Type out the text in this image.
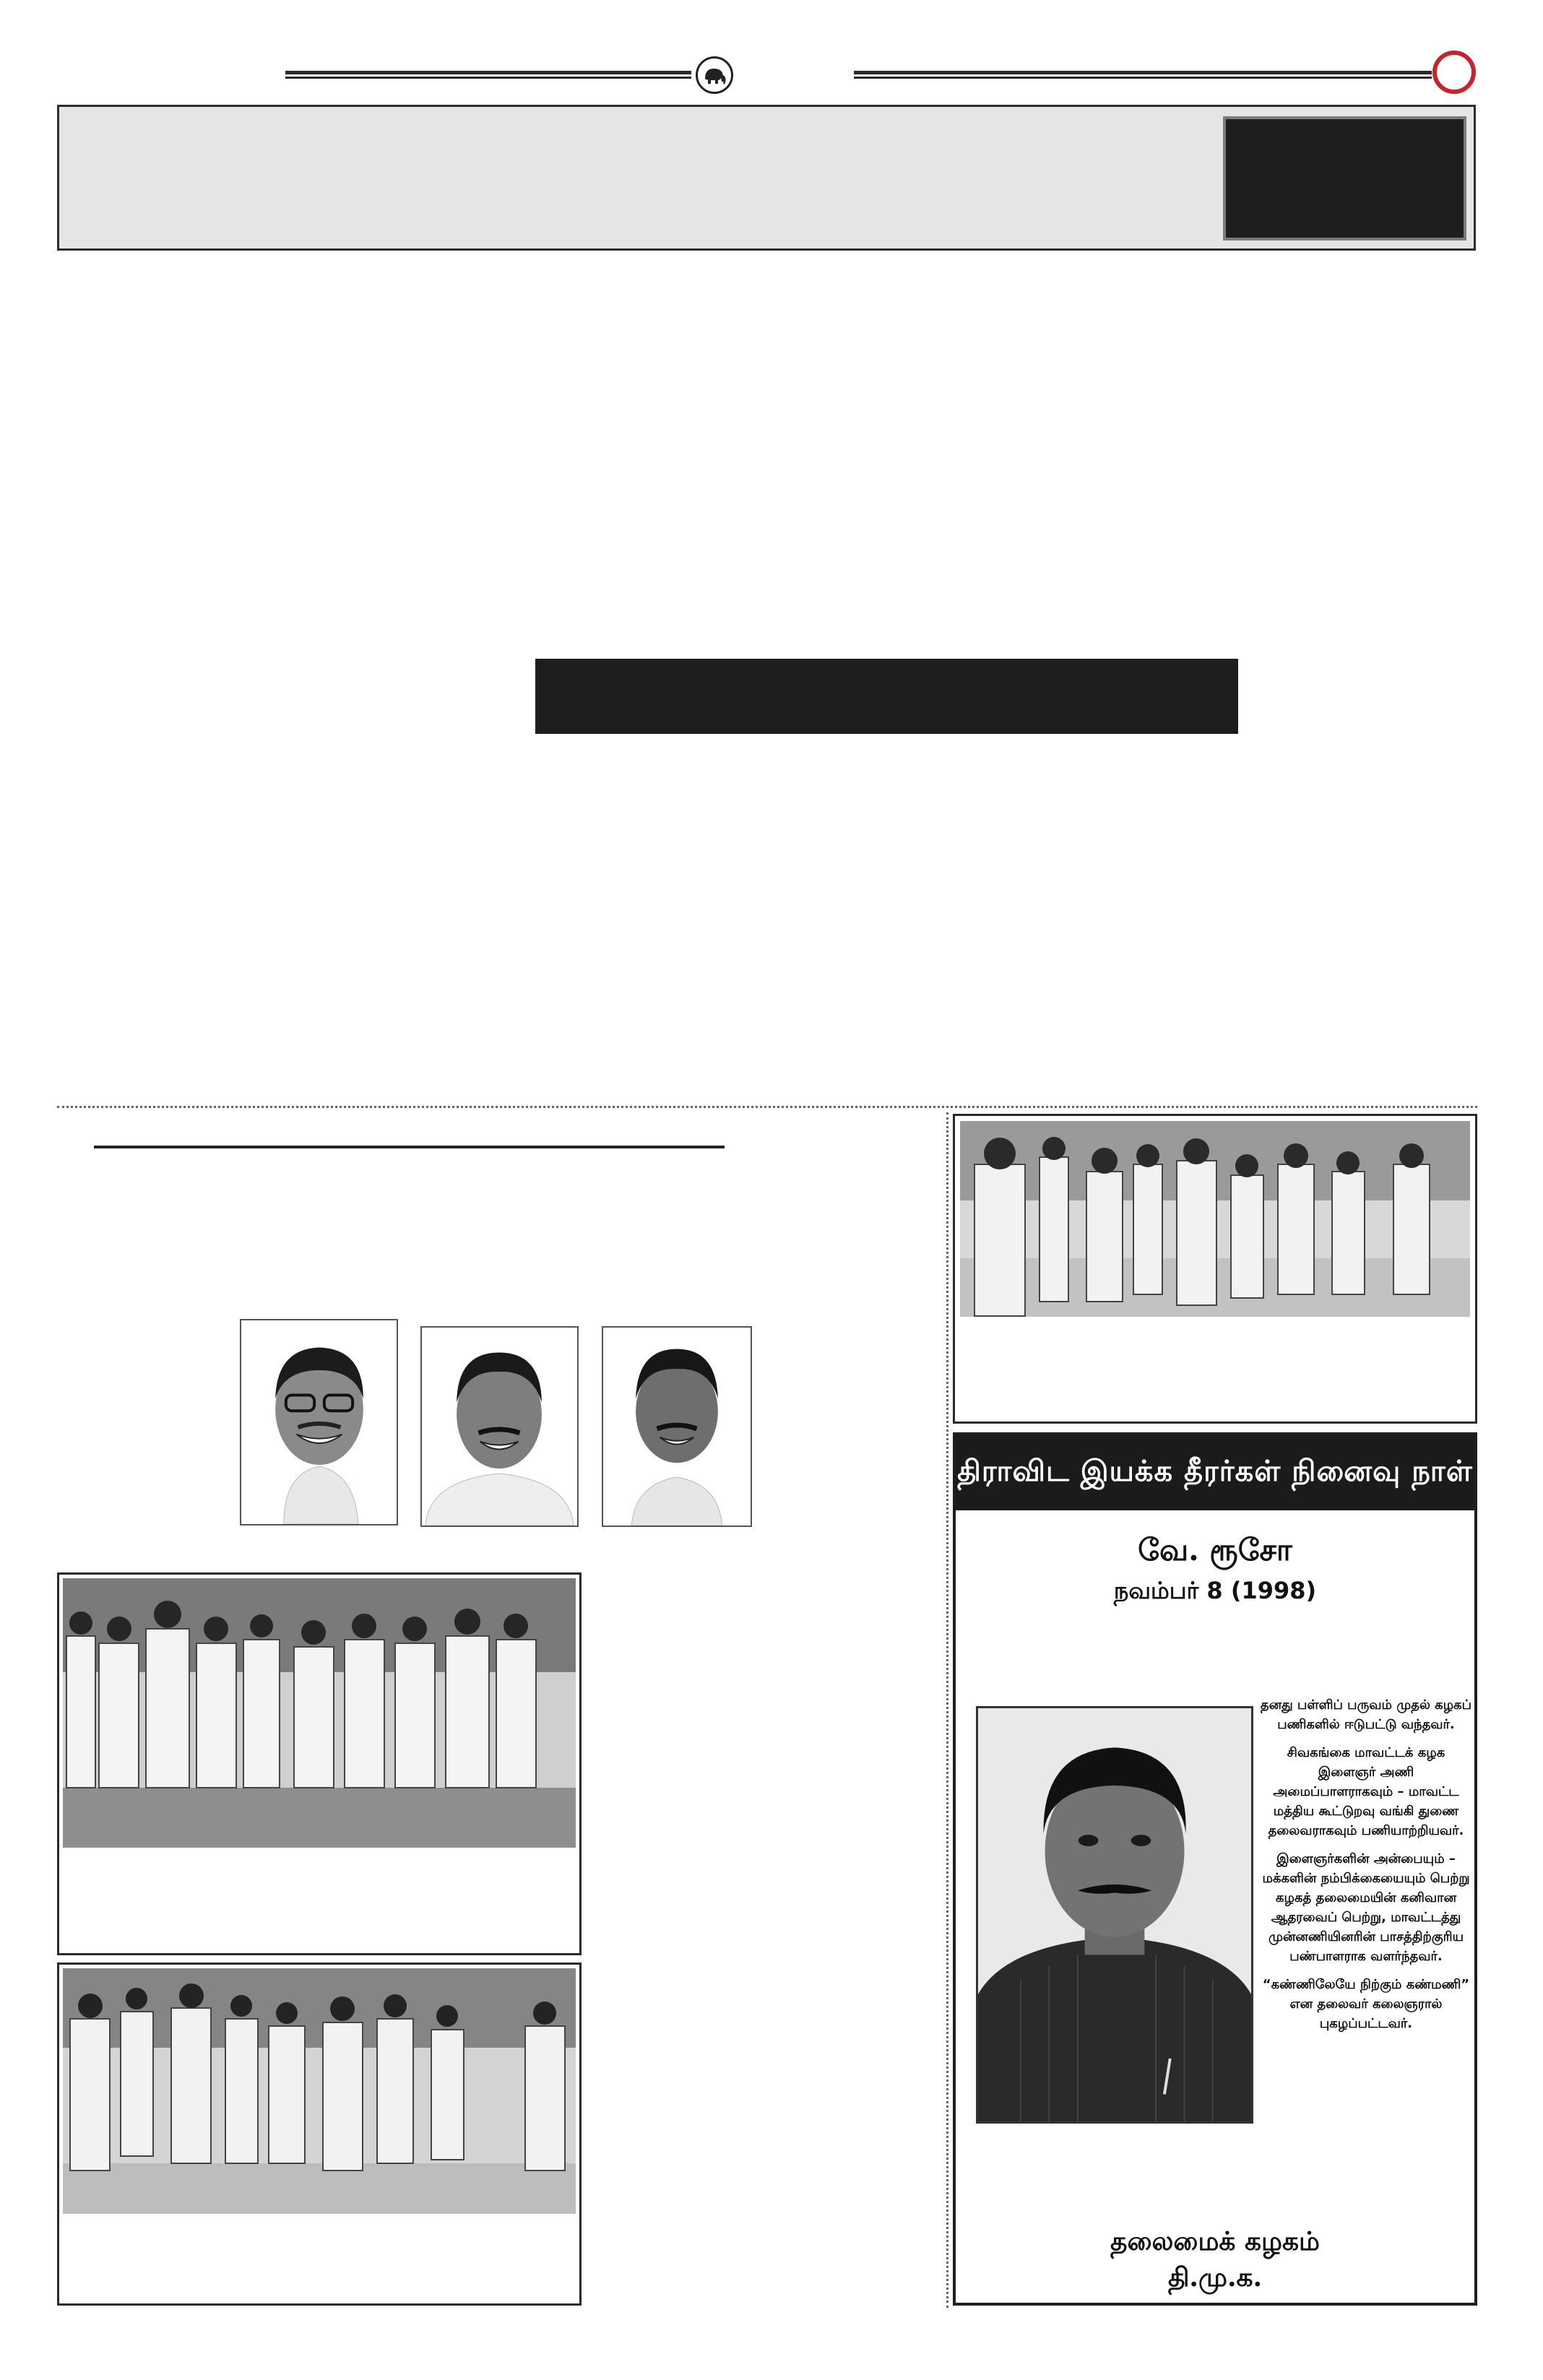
திராவிட இயக்க தீரர்கள் நினைவு நாள்
வே. ரூசோ
நவம்பர் 8 (1998)

தனது பள்ளிப் பருவம் முதல் கழகப் பணிகளில் ஈடுபட்டு வந்தவர்.

சிவகங்கை மாவட்டக் கழக இளைஞர் அணி அமைப்பாளராகவும் – மாவட்ட மத்திய கூட்டுறவு வங்கி துணை தலைவராகவும் பணியாற்றியவர்.

இளைஞர்களின் அன்பையும் – மக்களின் நம்பிக்கையையும் பெற்று கழகத் தலைமையின் கனிவான ஆதரவைப் பெற்று, மாவட்டத்து முன்னணியினரின் பாசத்திற்குரிய பண்பாளராக வளர்ந்தவர்.

“கண்ணிலேயே நிற்கும் கண்மணி” என தலைவர் கலைஞரால் புகழப்பட்டவர்.

தலைமைக் கழகம்
தி.மு.க.
